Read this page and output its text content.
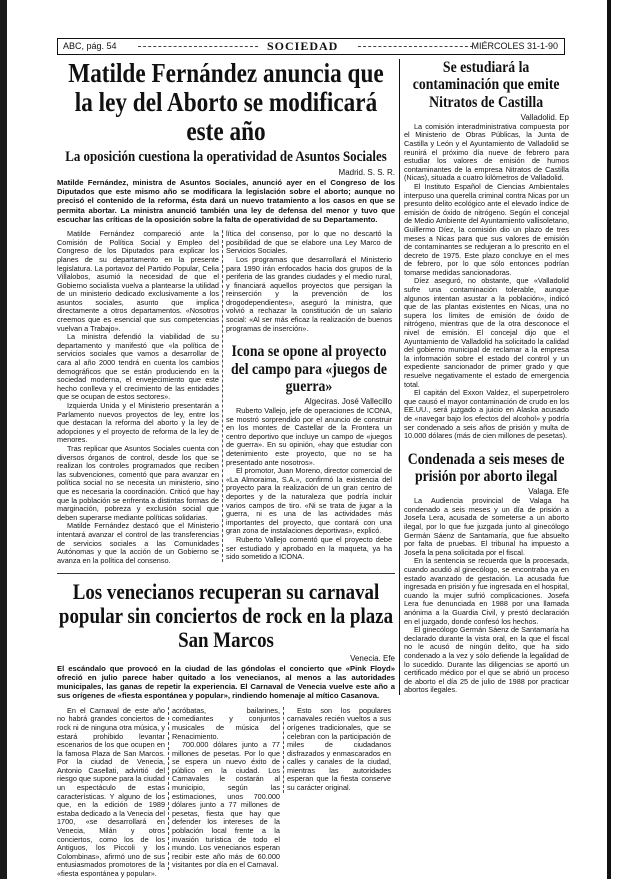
ABC, pág. 54	SOCIEDAD	MIÉRCOLES 31-1-90
Matilde Fernández anuncia que la ley del Aborto se modificará este año
La oposición cuestiona la operatividad de Asuntos Sociales
Madrid. S. S. R.
Matilde Fernández, ministra de Asuntos Sociales, anunció ayer en el Congreso de los Diputados que este mismo año se modificara la legislación sobre el aborto; aunque no precisó el contenido de la reforma, ésta dará un nuevo tratamiento a los casos en que se permita abortar. La ministra anunció también una ley de defensa del menor y tuvo que escuchar las críticas de la oposición sobre la falta de operatividad de su Departamento.

Matilde Fernández compareció ante la Comisión de Política Social y Empleo del Congreso de los Diputados para explicar los planes de su departamento en la presente legislatura. La portavoz del Partido Popular, Celia Villalobos, asumió la necesidad de que el Gobierno socialista vuelva a plantearse la utilidad de un ministerio dedicado exclusivamente a los asuntos sociales, asunto que implica directamente a otros departamentos. «Nosotros creemos que es esencial que sus competencias vuelvan a Trabajo».

La ministra defendió la viabilidad de su departamento y manifestó que «la política de servicios sociales que vamos a desarrollar de cara al año 2000 tendrá en cuenta los cambios demográficos que se están produciendo en la sociedad moderna, el envejecimiento que este hecho conlleva y el crecimiento de las entidades que se ocupan de estos sectores».

Izquierda Unida y el Ministerio presentarán a Parlamento nuevos proyectos de ley, entre los que destacan la reforma del aborto y la ley de adopciones y el proyecto de reforma de la ley de menores.

Tras replicar que Asuntos Sociales cuenta con diversos órganos de control, desde los que se realizan los controles programados que reciben las subvenciones, comentó que para avanzar en política social no se necesita un ministerio, sino que es necesaria la coordinación. Criticó que hay que la población se enfrenta a distintas formas de marginación, pobreza y exclusión social que deben superarse mediante políticas solidarias.

Matilde Fernández destacó que el Ministerio intentará avanzar el control de las transferencias de servicios sociales a las Comunidades Autónomas y que la acción de un Gobierno se avanza en la política del consenso.

lítica del consenso, por lo que no descartó la posibilidad de que se elabore una Ley Marco de Servicios Sociales.

Los programas que desarrollará el Ministerio para 1990 irán enfocados hacia dos grupos de la periferia de las grandes ciudades y el medio rural, y financiará aquellos proyectos que persigan la reinserción y la prevención de los drogodependientes», aseguró la ministra, que volvió a rechazar la constitución de un salario social: «Al ser más eficaz la realización de buenos programas de inserción».

Icona se opone al proyecto del campo para «juegos de guerra»
Algeciras. José Vallecillo

Ruberto Vallejo, jefe de operaciones de ICONA, se mostró sorprendido por el anuncio de construir en los montes de Castellar de la Frontera un centro deportivo que incluye un campo de «juegos de guerra». En su opinión, «hay que estudiar con detenimiento este proyecto, que no se ha presentado ante nosotros».

El promotor, Juan Moreno, director comercial de «La Almoraima, S.A.», confirmó la existencia del proyecto para la realización de un gran centro de deportes y de la naturaleza que podría incluir varios campos de tiro. «Ni se trata de jugar a la guerra, ni es una de las actividades más importantes del proyecto, que contará con una gran zona de instalaciones deportivas», explicó.

Ruberto Vallejo comentó que el proyecto debe ser estudiado y aprobado en la maqueta, ya ha sido sometido a ICONA.

Los venecianos recuperan su carnaval popular sin conciertos de rock en la plaza San Marcos
Venecia. Efe
El escándalo que provocó en la ciudad de las góndolas el concierto que «Pink Floyd» ofreció en julio parece haber quitado a los venecianos, al menos a las autoridades municipales, las ganas de repetir la experiencia. El Carnaval de Venecia vuelve este año a sus orígenes de «fiesta espontánea y popular», rindiendo homenaje al mítico Casanova.

En el Carnaval de este año no habrá grandes conciertos de rock ni de ninguna otra música, y estará prohibido levantar escenarios de los que ocupen en la famosa Plaza de San Marcos. Por la ciudad de Venecia, Antonio Casellati, advirtió del riesgo que supone para la ciudad un espectáculo de estas características. Y alguno de los que, en la edición de 1989 estaba dedicado a la Venecia del 1700, «se desarrollará en Venecia, Milán y otros conciertos, como los de los Antiguos, los Piccoli y los Colombinas», afirmó uno de sus entusiasmados promotores de la «fiesta espontánea y popular».

acróbatas, bailarines, comediantes y conjuntos musicales de música del Renacimiento.

700.000 dólares junto a 77 millones de pesetas. Por lo que se espera un nuevo éxito de público en la ciudad. Los Carnavales le costarán al municipio, según las estimaciones, unos 700.000 dólares junto a 77 millones de pesetas, fiesta que hay que defender los intereses de la población local frente a la invasión turística de todo el mundo. Los venecianos esperan recibir este año más de 60.000 visitantes por día en el Carnaval.

Esto son los populares carnavales recién vueltos a sus orígenes tradicionales, que se celebran con la participación de miles de ciudadanos disfrazados y enmascarados en calles y canales de la ciudad, mientras las autoridades esperan que la fiesta conserve su carácter original.

Se estudiará la contaminación que emite Nitratos de Castilla
Valladolid. Ep

La comisión interadministrativa compuesta por el Ministerio de Obras Públicas, la Junta de Castilla y León y el Ayuntamiento de Valladolid se reunirá el próximo día nueve de febrero para estudiar los valores de emisión de humos contaminantes de la empresa Nitratos de Castilla (Nicas), situada a cuatro kilómetros de Valladolid.

El Instituto Español de Ciencias Ambientales interpuso una querella criminal contra Nicas por un presunto delito ecológico ante el elevado índice de emisión de óxido de nitrógeno. Según el concejal de Medio Ambiente del Ayuntamiento vallisoletano, Guillermo Díez, la comisión dio un plazo de tres meses a Nicas para que sus valores de emisión de contaminantes se redujeran a lo prescrito en el decreto de 1975. Este plazo concluye en el mes de febrero, por lo que sólo entonces podrían tomarse medidas sancionadoras.

Díez aseguró, no obstante, que «Valladolid sufre una contaminación tolerable, aunque algunos intentan asustar a la población», indicó que de las plantas existentes en Nicas, una no supera los límites de emisión de óxido de nitrógeno, mientras que de la otra desconoce el nivel de emisión. El concejal dijo que el Ayuntamiento de Valladolid ha solicitado la calidad del gobierno municipal de reclamar a la empresa la información sobre el estado del control y un expediente sancionador de primer grado y que resuelve negativamente el estado de emergencia total.

El capitán del Exxon Valdez, el superpetrolero que causó el mayor contaminación de crudo en los EE.UU., será juzgado a juicio en Alaska acusado de «navegar bajo los efectos del alcohol» y podría ser condenado a seis años de prisión y multa de 10.000 dólares (más de cien millones de pesetas).

Condenada a seis meses de prisión por aborto ilegal
Valaga. Efe

La Audiencia provincial de Valaga ha condenado a seis meses y un día de prisión a Josefa Lera, acusada de someterse a un aborto ilegal, por lo que fue juzgada junto al ginecólogo Germán Sáenz de Santamaría, que fue absuelto por falta de pruebas. El tribunal ha impuesto a Josefa la pena solicitada por el fiscal.

En la sentencia se recuerda que la procesada, cuando acudió al ginecólogo, se encontraba ya en estado avanzado de gestación. La acusada fue ingresada en prisión y fue ingresada en el hospital, cuando la mujer sufrió complicaciones. Josefa Lera fue denunciada en 1988 por una llamada anónima a la Guardia Civil, y prestó declaración en el juzgado, donde confesó los hechos.

El ginecólogo Germán Sáenz de Santamaría ha declarado durante la vista oral, en la que el fiscal no le acusó de ningún delito, que ha sido condenado a la vez y sólo defiende la legalidad de lo sucedido. Durante las diligencias se aportó un certificado médico por el que se abrió un proceso de aborto el día 25 de julio de 1988 por practicar abortos ilegales.
